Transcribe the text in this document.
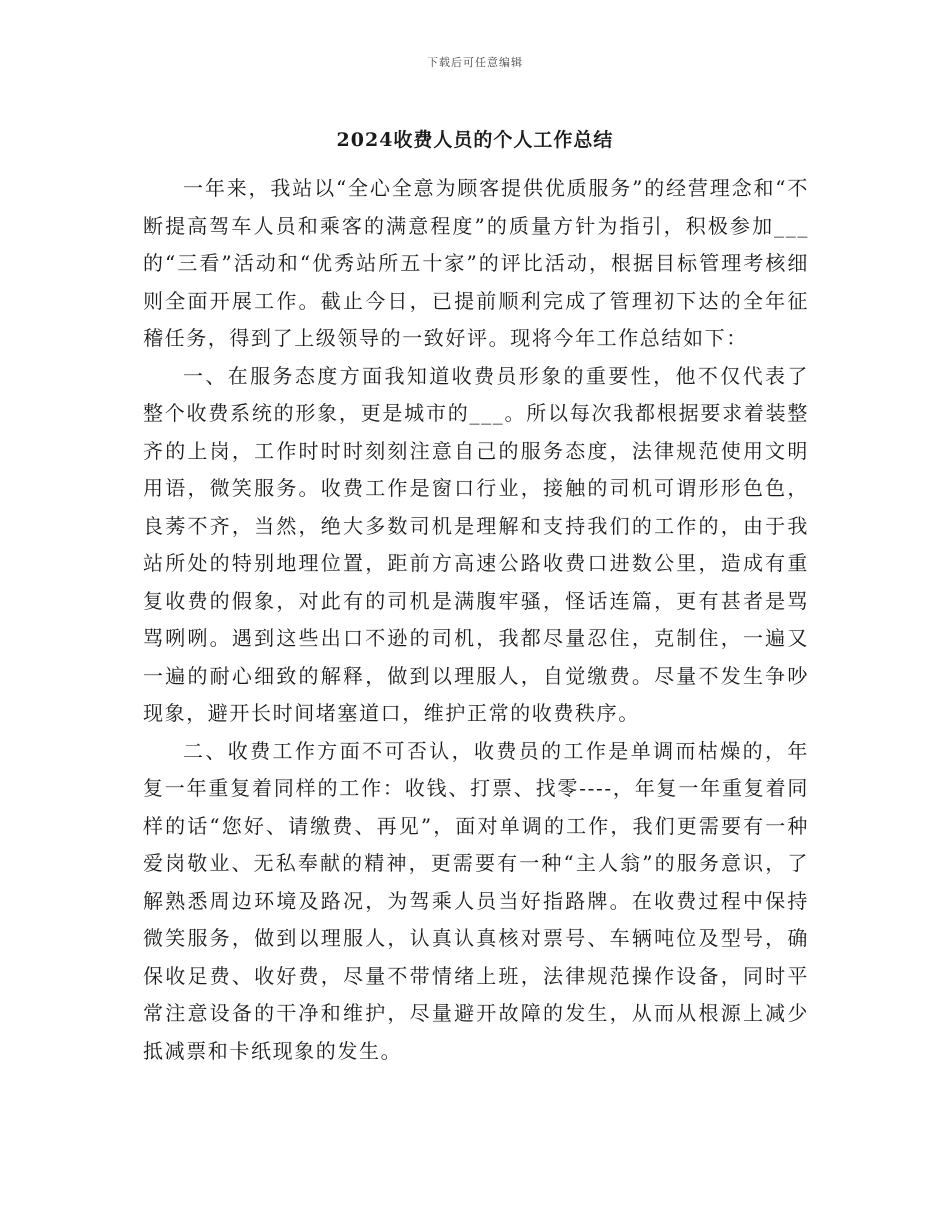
下载后可任意编辑
2024收费人员的个人工作总结

一年来，我站以“全心全意为顾客提供优质服务”的经营理念和“不断提高驾车人员和乘客的满意程度”的质量方针为指引，积极参加___的“三看”活动和“优秀站所五十家”的评比活动，根据目标管理考核细则全面开展工作。截止今日，已提前顺利完成了管理初下达的全年征稽任务，得到了上级领导的一致好评。现将今年工作总结如下：

一、在服务态度方面我知道收费员形象的重要性，他不仅代表了整个收费系统的形象，更是城市的___。所以每次我都根据要求着装整齐的上岗，工作时时时刻刻注意自己的服务态度，法律规范使用文明用语，微笑服务。收费工作是窗口行业，接触的司机可谓形形色色，良莠不齐，当然，绝大多数司机是理解和支持我们的工作的，由于我站所处的特别地理位置，距前方高速公路收费口进数公里，造成有重复收费的假象，对此有的司机是满腹牢骚，怪话连篇，更有甚者是骂骂咧咧。遇到这些出口不逊的司机，我都尽量忍住，克制住，一遍又一遍的耐心细致的解释，做到以理服人，自觉缴费。尽量不发生争吵现象，避开长时间堵塞道口，维护正常的收费秩序。

二、收费工作方面不可否认，收费员的工作是单调而枯燥的，年复一年重复着同样的工作：收钱、打票、找零----，年复一年重复着同样的话“您好、请缴费、再见”，面对单调的工作，我们更需要有一种爱岗敬业、无私奉献的精神，更需要有一种“主人翁”的服务意识，了解熟悉周边环境及路况，为驾乘人员当好指路牌。在收费过程中保持微笑服务，做到以理服人，认真认真核对票号、车辆吨位及型号，确保收足费、收好费，尽量不带情绪上班，法律规范操作设备，同时平常注意设备的干净和维护，尽量避开故障的发生，从而从根源上减少抵减票和卡纸现象的发生。
